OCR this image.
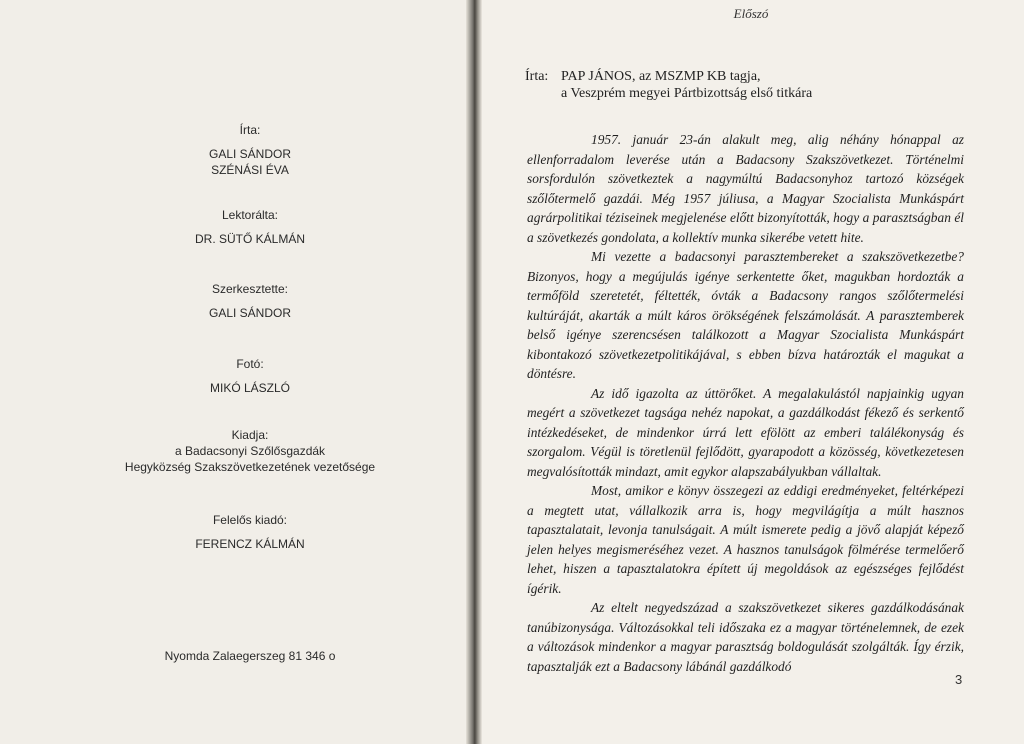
Írta:
GALI SÁNDOR
SZÉNÁSI ÉVA
Lektorálta:
DR. SÜTŐ KÁLMÁN
Szerkesztette:
GALI SÁNDOR
Fotó:
MIKÓ LÁSZLÓ
Kiadja:
a Badacsonyi Szőlősgazdák
Hegyközség Szakszövetkezetének vezetősége
Felelős kiadó:
FERENCZ KÁLMÁN
Nyomda Zalaegerszeg 81 346 o
Előszó
Írta: PAP JÁNOS, az MSZMP KB tagja,
a Veszprém megyei Pártbizottság első titkára

1957. január 23-án alakult meg, alig néhány hónappal az ellenforradalom leverése után a Badacsony Szakszövetkezet. Történelmi sorsfordulón szövetkeztek a nagymúltú Badacsonyhoz tartozó községek szőlőtermelő gazdái. Még 1957 júliusa, a Magyar Szocialista Munkáspárt agrárpolitikai téziseinek megjelenése előtt bizonyították, hogy a parasztságban él a szövetkezés gondolata, a kollektív munka sikerébe vetett hite.

Mi vezette a badacsonyi parasztembereket a szakszövetkezetbe? Bizonyos, hogy a megújulás igénye serkentette őket, magukban hordozták a termőföld szeretetét, féltették, óvták a Badacsony rangos szőlőtermelési kultúráját, akarták a múlt káros örökségének felszámolását. A parasztemberek belső igénye szerencsésen találkozott a Magyar Szocialista Munkáspárt kibontakozó szövetkezetpolitikájával, s ebben bízva határozták el magukat a döntésre.

Az idő igazolta az úttörőket. A megalakulástól napjainkig ugyan megért a szövetkezet tagsága nehéz napokat, a gazdálkodást fékező és serkentő intézkedéseket, de mindenkor úrrá lett efölött az emberi találékonyság és szorgalom. Végül is töretlenül fejlődött, gyarapodott a közösség, következetesen megvalósították mindazt, amit egykor alapszabályukban vállaltak.

Most, amikor e könyv összegezi az eddigi eredményeket, feltérképezi a megtett utat, vállalkozik arra is, hogy megvilágítja a múlt hasznos tapasztalatait, levonja tanulságait. A múlt ismerete pedig a jövő alapját képező jelen helyes megismeréséhez vezet. A hasznos tanulságok fölmérése termelőerő lehet, hiszen a tapasztalatokra épített új megoldások az egészséges fejlődést ígérik.

Az eltelt negyedszázad a szakszövetkezet sikeres gazdálkodásának tanúbizonysága. Változásokkal teli időszaka ez a magyar történelemnek, de ezek a változások mindenkor a magyar parasztság boldogulását szolgálták. Így érzik, tapasztalják ezt a Badacsony lábánál gazdálkodó

3
